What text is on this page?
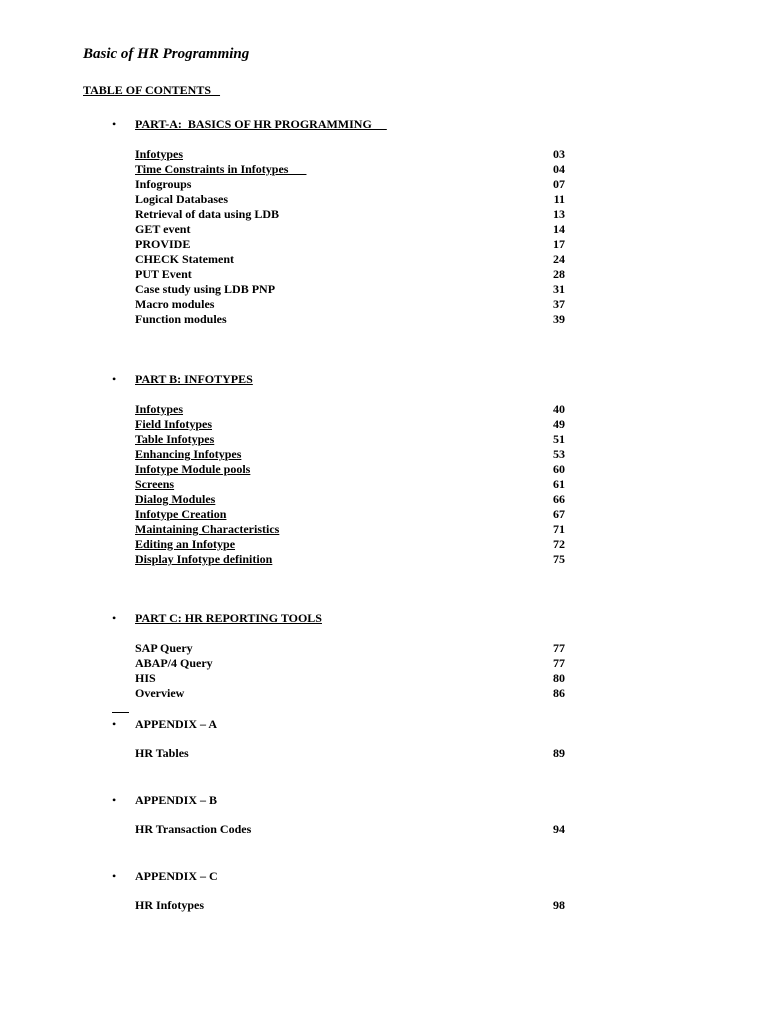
Basic of HR Programming
TABLE OF CONTENTS
•	PART-A:  BASICS OF HR PROGRAMMING
Infotypes	03
Time Constraints in Infotypes	04
Infogroups	07
Logical Databases	11
Retrieval of data using LDB	13
GET event	14
PROVIDE	17
CHECK Statement	24
PUT Event	28
Case study using LDB PNP	31
Macro modules	37
Function modules	39
•	PART B: INFOTYPES
Infotypes	40
Field Infotypes	49
Table Infotypes	51
Enhancing Infotypes	53
Infotype Module pools	60
Screens	61
Dialog Modules	66
Infotype Creation	67
Maintaining Characteristics	71
Editing an Infotype	72
Display Infotype definition	75
•	PART C: HR REPORTING TOOLS
SAP Query	77
ABAP/4 Query	77
HIS	80
Overview	86
•	APPENDIX – A
HR Tables	89
•	APPENDIX – B
HR Transaction Codes	94
•	APPENDIX – C
HR Infotypes	98
